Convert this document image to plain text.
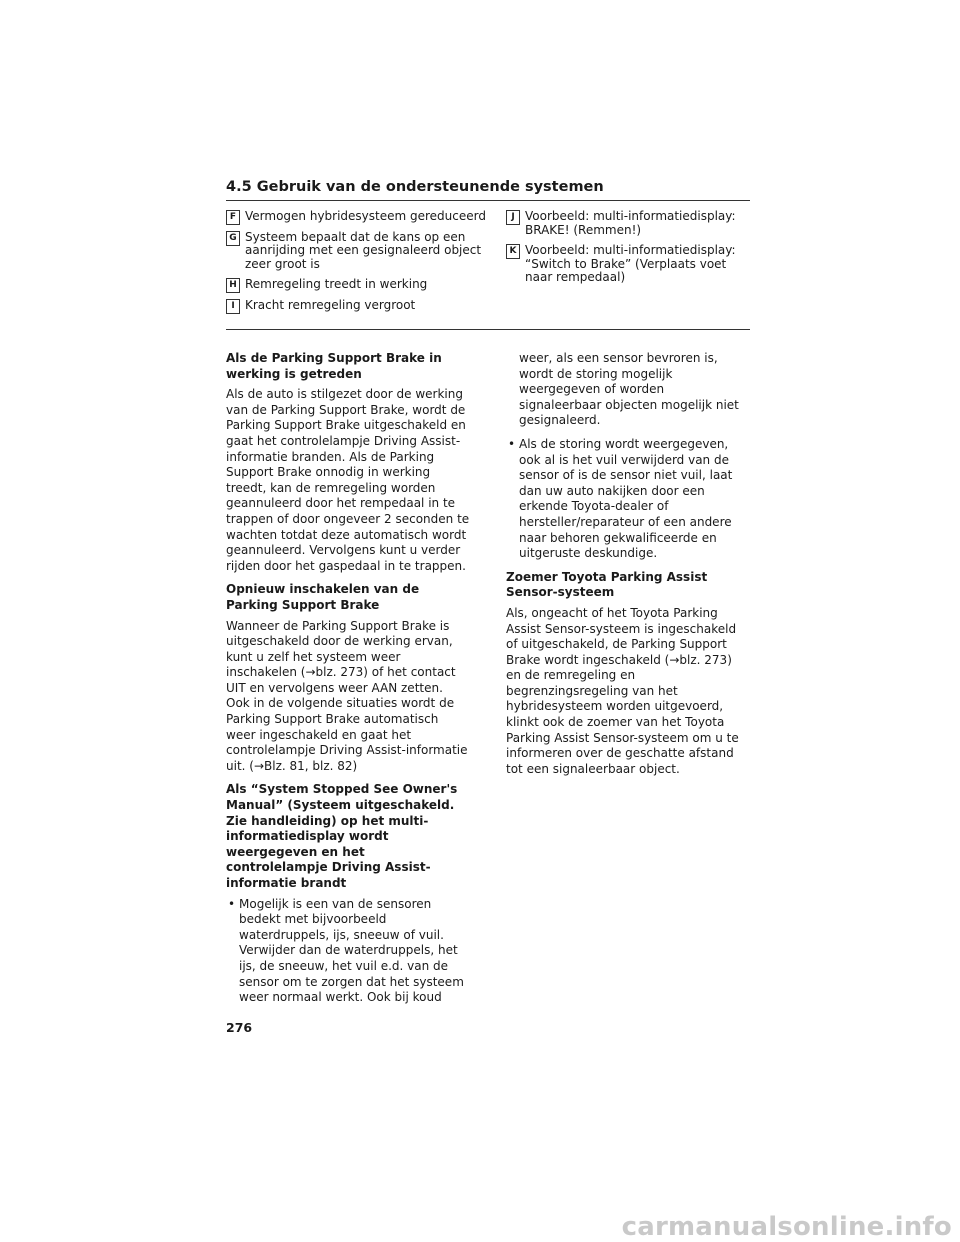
4.5 Gebruik van de ondersteunende systemen
F Vermogen hybridesysteem gereduceerd
G Systeem bepaalt dat de kans op een aanrijding met een gesignaleerd object zeer groot is
H Remregeling treedt in werking
I Kracht remregeling vergroot
J Voorbeeld: multi-informatiedisplay: BRAKE! (Remmen!)
K Voorbeeld: multi-informatiedisplay: “Switch to Brake” (Verplaats voet naar rempedaal)
Als de Parking Support Brake in werking is getreden

Als de auto is stilgezet door de werking van de Parking Support Brake, wordt de Parking Support Brake uitgeschakeld en gaat het controlelampje Driving Assist-informatie branden. Als de Parking Support Brake onnodig in werking treedt, kan de remregeling worden geannuleerd door het rempedaal in te trappen of door ongeveer 2 seconden te wachten totdat deze automatisch wordt geannuleerd. Vervolgens kunt u verder rijden door het gaspedaal in te trappen.

Opnieuw inschakelen van de Parking Support Brake

Wanneer de Parking Support Brake is uitgeschakeld door de werking ervan, kunt u zelf het systeem weer inschakelen (→blz. 273) of het contact UIT en vervolgens weer AAN zetten. Ook in de volgende situaties wordt de Parking Support Brake automatisch weer ingeschakeld en gaat het controlelampje Driving Assist-informatie uit. (→Blz. 81, blz. 82)

Als “System Stopped See Owner's Manual” (Systeem uitgeschakeld. Zie handleiding) op het multi-informatiedisplay wordt weergegeven en het controlelampje Driving Assist-informatie brandt
• Mogelijk is een van de sensoren bedekt met bijvoorbeeld waterdruppels, ijs, sneeuw of vuil. Verwijder dan de waterdruppels, het ijs, de sneeuw, het vuil e.d. van de sensor om te zorgen dat het systeem weer normaal werkt. Ook bij koud

weer, als een sensor bevroren is, wordt de storing mogelijk weergegeven of worden signaleerbaar objecten mogelijk niet gesignaleerd.

• Als de storing wordt weergegeven, ook al is het vuil verwijderd van de sensor of is de sensor niet vuil, laat dan uw auto nakijken door een erkende Toyota-dealer of hersteller/reparateur of een andere naar behoren gekwalificeerde en uitgeruste deskundige.
Zoemer Toyota Parking Assist Sensor-systeem

Als, ongeacht of het Toyota Parking Assist Sensor-systeem is ingeschakeld of uitgeschakeld, de Parking Support Brake wordt ingeschakeld (→blz. 273) en de remregeling en begrenzingsregeling van het hybridesysteem worden uitgevoerd, klinkt ook de zoemer van het Toyota Parking Assist Sensor-systeem om u te informeren over de geschatte afstand tot een signaleerbaar object.

276
carmanualsonline.info
